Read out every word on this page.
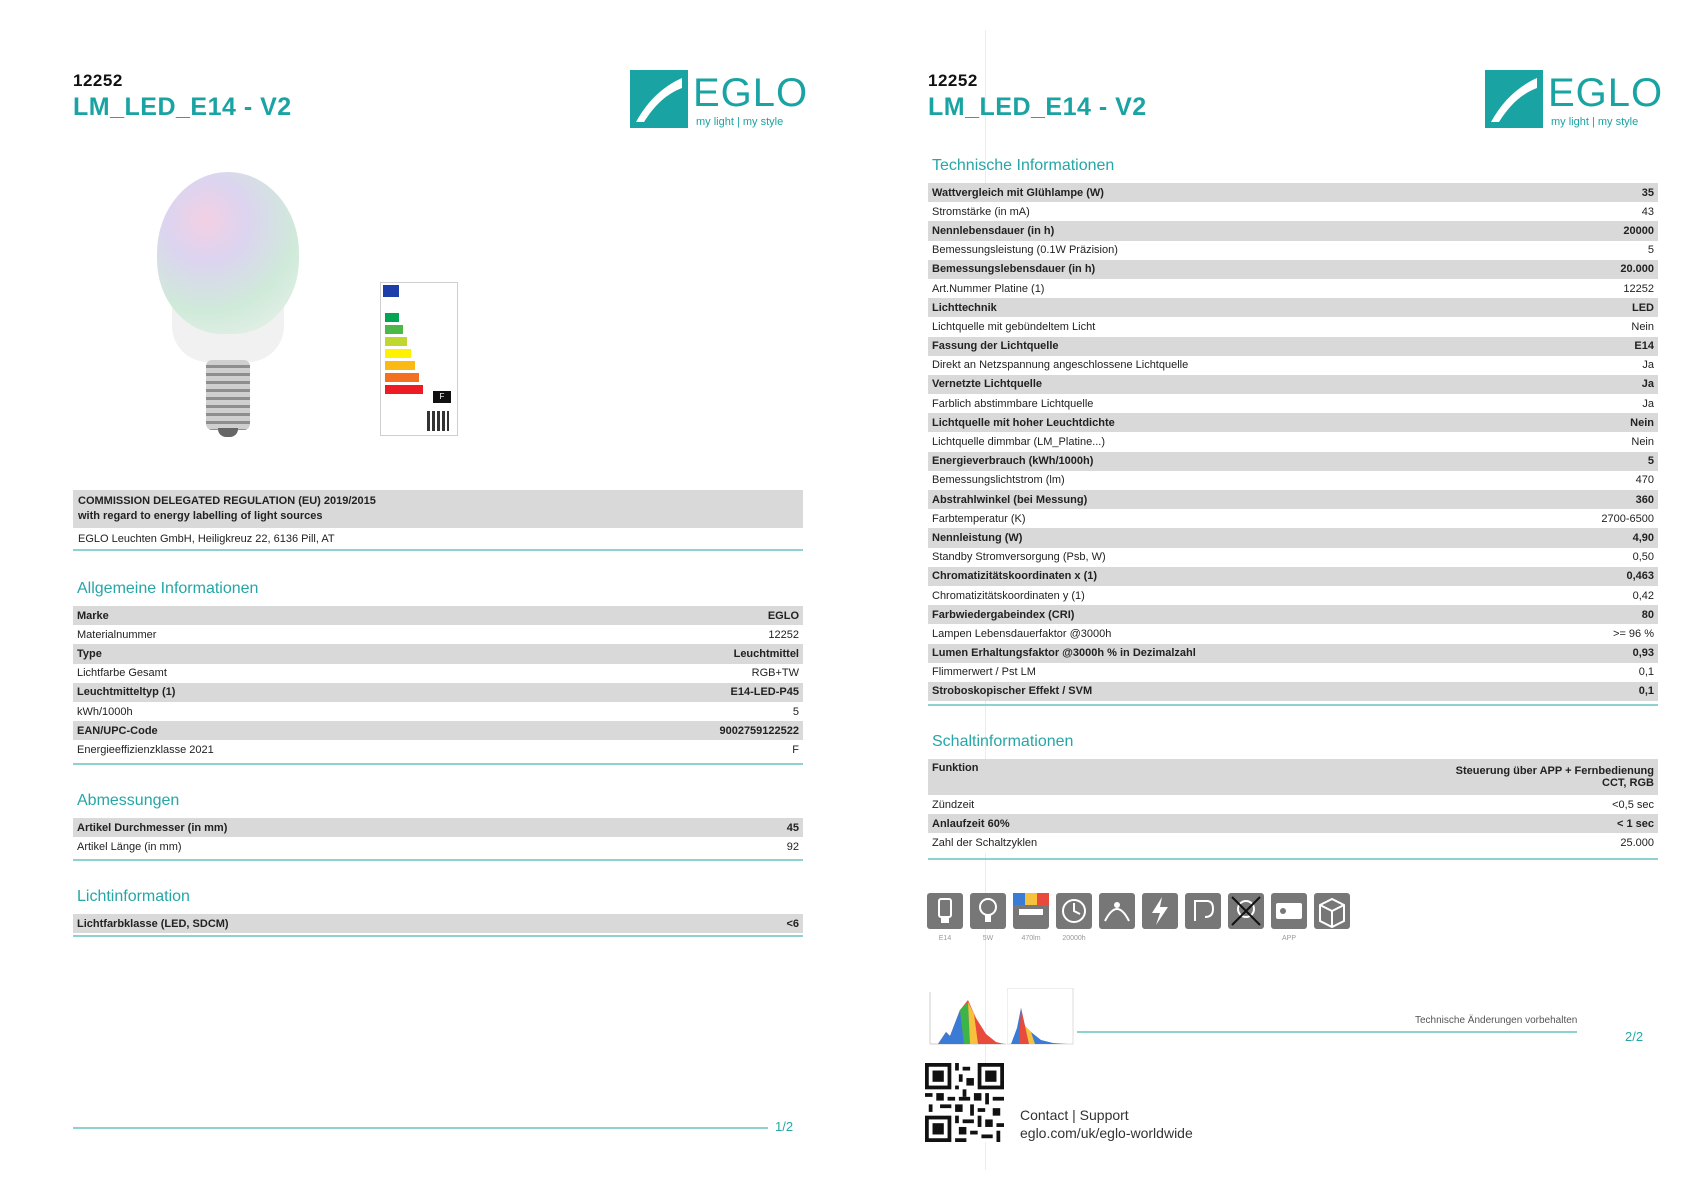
12252
LM_LED_E14 - V2	EGLO
my light | my style
F
COMMISSION DELEGATED REGULATION (EU) 2019/2015
with regard to energy labelling of light sources
EGLO Leuchten GmbH, Heiligkreuz 22, 6136 Pill, AT
Allgemeine Informationen
Marke	EGLO
Materialnummer	12252
Type	Leuchtmittel
Lichtfarbe Gesamt	RGB+TW
Leuchtmitteltyp (1)	E14-LED-P45
kWh/1000h	5
EAN/UPC-Code	9002759122522
Energieeffizienzklasse 2021	F
Abmessungen
Artikel Durchmesser (in mm)	45
Artikel Länge (in mm)	92
Lichtinformation
Lichtfarbklasse (LED, SDCM)	<6
1/2
12252
LM_LED_E14 - V2	EGLO
my light | my style
Technische Informationen
Wattvergleich mit Glühlampe (W)	35
Stromstärke (in mA)	43
Nennlebensdauer (in h)	20000
Bemessungsleistung (0.1W Präzision)	5
Bemessungslebensdauer (in h)	20.000
Art.Nummer Platine (1)	12252
Lichttechnik	LED
Lichtquelle mit gebündeltem Licht	Nein
Fassung der Lichtquelle	E14
Direkt an Netzspannung angeschlossene Lichtquelle	Ja
Vernetzte Lichtquelle	Ja
Farblich abstimmbare Lichtquelle	Ja
Lichtquelle mit hoher Leuchtdichte	Nein
Lichtquelle dimmbar (LM_Platine...)	Nein
Energieverbrauch (kWh/1000h)	5
Bemessungslichtstrom (lm)	470
Abstrahlwinkel (bei Messung)	360
Farbtemperatur (K)	2700-6500
Nennleistung (W)	4,90
Standby Stromversorgung (Psb, W)	0,50
Chromatizitätskoordinaten x (1)	0,463
Chromatizitätskoordinaten y (1)	0,42
Farbwiedergabeindex (CRI)	80
Lampen Lebensdauerfaktor @3000h	>= 96 %
Lumen Erhaltungsfaktor @3000h % in Dezimalzahl	0,93
Flimmerwert / Pst LM	0,1
Stroboskopischer Effekt / SVM	0,1
Schaltinformationen
Funktion	Steuerung über APP + Fernbedienung
CCT, RGB

Zündzeit	<0,5 sec
Anlaufzeit 60%	< 1 sec
Zahl der Schaltzyklen	25.000
Technische Änderungen vorbehalten
2/2
Contact | Support
eglo.com/uk/eglo-worldwide
E14	5W	470lm	20000h	APP
